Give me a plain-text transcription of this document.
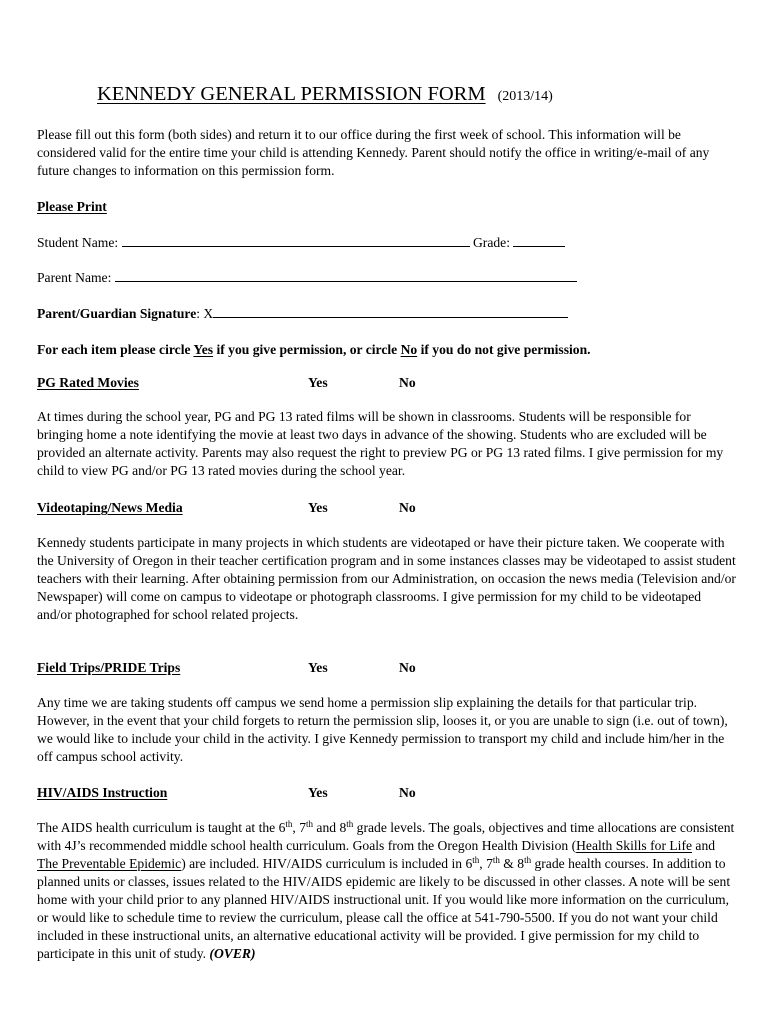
KENNEDY GENERAL PERMISSION FORM (2013/14)

Please fill out this form (both sides) and return it to our office during the first week of school. This information will be considered valid for the entire time your child is attending Kennedy. Parent should notify the office in writing/e-mail of any future changes to information on this permission form.

Please Print
Student Name:	Grade:
Parent Name:
Parent/Guardian Signature: X
For each item please circle Yes if you give permission, or circle No if you do not give permission.
PG Rated Movies	Yes	No

At times during the school year, PG and PG 13 rated films will be shown in classrooms. Students will be responsible for bringing home a note identifying the movie at least two days in advance of the showing. Students who are excluded will be provided an alternate activity. Parents may also request the right to preview PG or PG 13 rated films. I give permission for my child to view PG and/or PG 13 rated movies during the school year.

Videotaping/News Media	Yes	No

Kennedy students participate in many projects in which students are videotaped or have their picture taken. We cooperate with the University of Oregon in their teacher certification program and in some instances classes may be videotaped to assist student teachers with their learning. After obtaining permission from our Administration, on occasion the news media (Television and/or Newspaper) will come on campus to videotape or photograph classrooms. I give permission for my child to be videotaped and/or photographed for school related projects.

Field Trips/PRIDE Trips	Yes	No

Any time we are taking students off campus we send home a permission slip explaining the details for that particular trip. However, in the event that your child forgets to return the permission slip, looses it, or you are unable to sign (i.e. out of town), we would like to include your child in the activity. I give Kennedy permission to transport my child and include him/her in the off campus school activity.

HIV/AIDS Instruction	Yes	No

The AIDS health curriculum is taught at the 6th, 7th and 8th grade levels. The goals, objectives and time allocations are consistent with 4J’s recommended middle school health curriculum. Goals from the Oregon Health Division (Health Skills for Life and The Preventable Epidemic) are included. HIV/AIDS curriculum is included in 6th, 7th & 8th grade health courses. In addition to planned units or classes, issues related to the HIV/AIDS epidemic are likely to be discussed in other classes. A note will be sent home with your child prior to any planned HIV/AIDS instructional unit. If you would like more information on the curriculum, or would like to schedule time to review the curriculum, please call the office at 541-790-5500. If you do not want your child included in these instructional units, an alternative educational activity will be provided. I give permission for my child to participate in this unit of study. (OVER)
